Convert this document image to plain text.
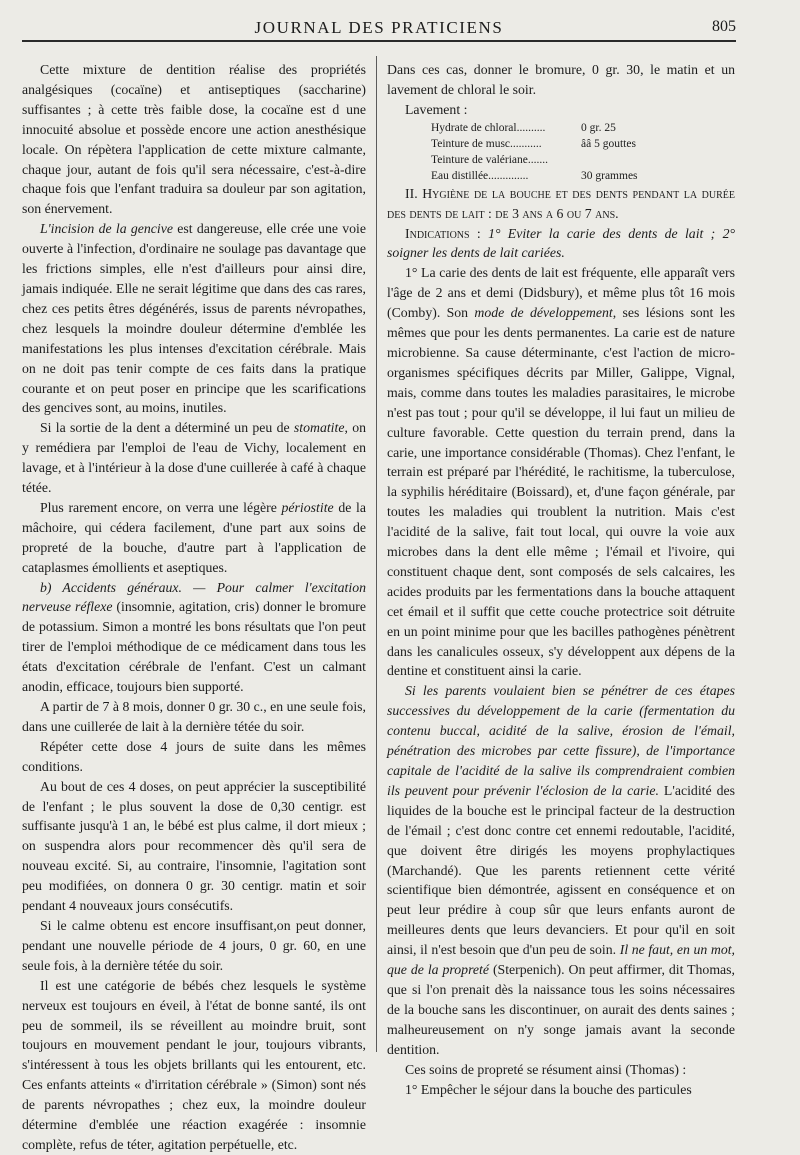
JOURNAL DES PRATICIENS	805

Cette mixture de dentition réalise des propriétés analgésiques (cocaïne) et antiseptiques (saccharine) suffisantes ; à cette très faible dose, la cocaïne est d une innocuité absolue et possède encore une action anesthésique locale. On répètera l'application de cette mixture calmante, chaque jour, autant de fois qu'il sera nécessaire, c'est-à-dire chaque fois que l'enfant traduira sa douleur par son agitation, son énervement.

L'incision de la gencive est dangereuse, elle crée une voie ouverte à l'infection, d'ordinaire ne soulage pas davantage que les frictions simples, elle n'est d'ailleurs pour ainsi dire, jamais indiquée. Elle ne serait légitime que dans des cas rares, chez ces petits êtres dégénérés, issus de parents névropathes, chez lesquels la moindre douleur détermine d'emblée les manifestations les plus intenses d'excitation cérébrale. Mais on ne doit pas tenir compte de ces faits dans la pratique courante et on peut poser en principe que les scarifications des gencives sont, au moins, inutiles.

Si la sortie de la dent a déterminé un peu de stomatite, on y remédiera par l'emploi de l'eau de Vichy, localement en lavage, et à l'intérieur à la dose d'une cuillerée à café à chaque tétée.

Plus rarement encore, on verra une légère périostite de la mâchoire, qui cédera facilement, d'une part aux soins de propreté de la bouche, d'autre part à l'application de cataplasmes émollients et aseptiques.

b) Accidents généraux. — Pour calmer l'excitation nerveuse réflexe (insomnie, agitation, cris) donner le bromure de potassium. Simon a montré les bons résultats que l'on peut tirer de l'emploi méthodique de ce médicament dans tous les états d'excitation cérébrale de l'enfant. C'est un calmant anodin, efficace, toujours bien supporté.

A partir de 7 à 8 mois, donner 0 gr. 30 c., en une seule fois, dans une cuillerée de lait à la dernière tétée du soir.

Répéter cette dose 4 jours de suite dans les mêmes conditions.

Au bout de ces 4 doses, on peut apprécier la susceptibilité de l'enfant ; le plus souvent la dose de 0,30 centigr. est suffisante jusqu'à 1 an, le bébé est plus calme, il dort mieux ; on suspendra alors pour recommencer dès qu'il sera de nouveau excité. Si, au contraire, l'insomnie, l'agitation sont peu modifiées, on donnera 0 gr. 30 centigr. matin et soir pendant 4 nouveaux jours consécutifs.

Si le calme obtenu est encore insuffisant,on peut donner, pendant une nouvelle période de 4 jours, 0 gr. 60, en une seule fois, à la dernière tétée du soir.

Il est une catégorie de bébés chez lesquels le système nerveux est toujours en éveil, à l'état de bonne santé, ils ont peu de sommeil, ils se réveillent au moindre bruit, sont toujours en mouvement pendant le jour, toujours vibrants, s'intéressent à tous les objets brillants qui les entourent, etc. Ces enfants atteints « d'irritation cérébrale » (Simon) sont nés de parents névropathes ; chez eux, la moindre douleur détermine d'emblée une réaction exagérée : insomnie complète, refus de téter, agitation perpétuelle, etc.

Dans ces cas, donner le bromure, 0 gr. 30, le matin et un lavement de chloral le soir.

Lavement :

Hydrate de chloral..........	0 gr. 25
Teinture de musc...........	ââ 5 gouttes
Teinture de valériane.......
Eau distillée..............	30 grammes

II. Hygiène de la bouche et des dents pendant la durée des dents de lait : de 3 ans a 6 ou 7 ans.

Indications : 1° Eviter la carie des dents de lait ; 2° soigner les dents de lait cariées.

1° La carie des dents de lait est fréquente, elle apparaît vers l'âge de 2 ans et demi (Didsbury), et même plus tôt 16 mois (Comby). Son mode de développement, ses lésions sont les mêmes que pour les dents permanentes. La carie est de nature microbienne. Sa cause déterminante, c'est l'action de micro-organismes spécifiques décrits par Miller, Galippe, Vignal, mais, comme dans toutes les maladies parasitaires, le microbe n'est pas tout ; pour qu'il se développe, il lui faut un milieu de culture favorable. Cette question du terrain prend, dans la carie, une importance considérable (Thomas). Chez l'enfant, le terrain est préparé par l'hérédité, le rachitisme, la tuberculose, la syphilis héréditaire (Boissard), et, d'une façon générale, par toutes les maladies qui troublent la nutrition. Mais c'est l'acidité de la salive, fait tout local, qui ouvre la voie aux microbes dans la dent elle même ; l'émail et l'ivoire, qui constituent chaque dent, sont composés de sels calcaires, les acides produits par les fermentations dans la bouche attaquent cet émail et il suffit que cette couche protectrice soit détruite en un point minime pour que les bacilles pathogènes pénètrent dans les canalicules osseux, s'y développent aux dépens de la dentine et constituent ainsi la carie.

Si les parents voulaient bien se pénétrer de ces étapes successives du développement de la carie (fermentation du contenu buccal, acidité de la salive, érosion de l'émail, pénétration des microbes par cette fissure), de l'importance capitale de l'acidité de la salive ils comprendraient combien ils peuvent pour prévenir l'éclosion de la carie. L'acidité des liquides de la bouche est le principal facteur de la destruction de l'émail ; c'est donc contre cet ennemi redoutable, l'acidité, que doivent être dirigés les moyens prophylactiques (Marchandé). Que les parents retiennent cette vérité scientifique bien démontrée, agissent en conséquence et on peut leur prédire à coup sûr que leurs enfants auront de meilleures dents que leurs devanciers. Et pour qu'il en soit ainsi, il n'est besoin que d'un peu de soin. Il ne faut, en un mot, que de la propreté (Sterpenich). On peut affirmer, dit Thomas, que si l'on prenait dès la naissance tous les soins nécessaires de la bouche sans les discontinuer, on aurait des dents saines ; malheureusement on n'y songe jamais avant la seconde dentition.

Ces soins de propreté se résument ainsi (Thomas) :

1° Empêcher le séjour dans la bouche des particules
